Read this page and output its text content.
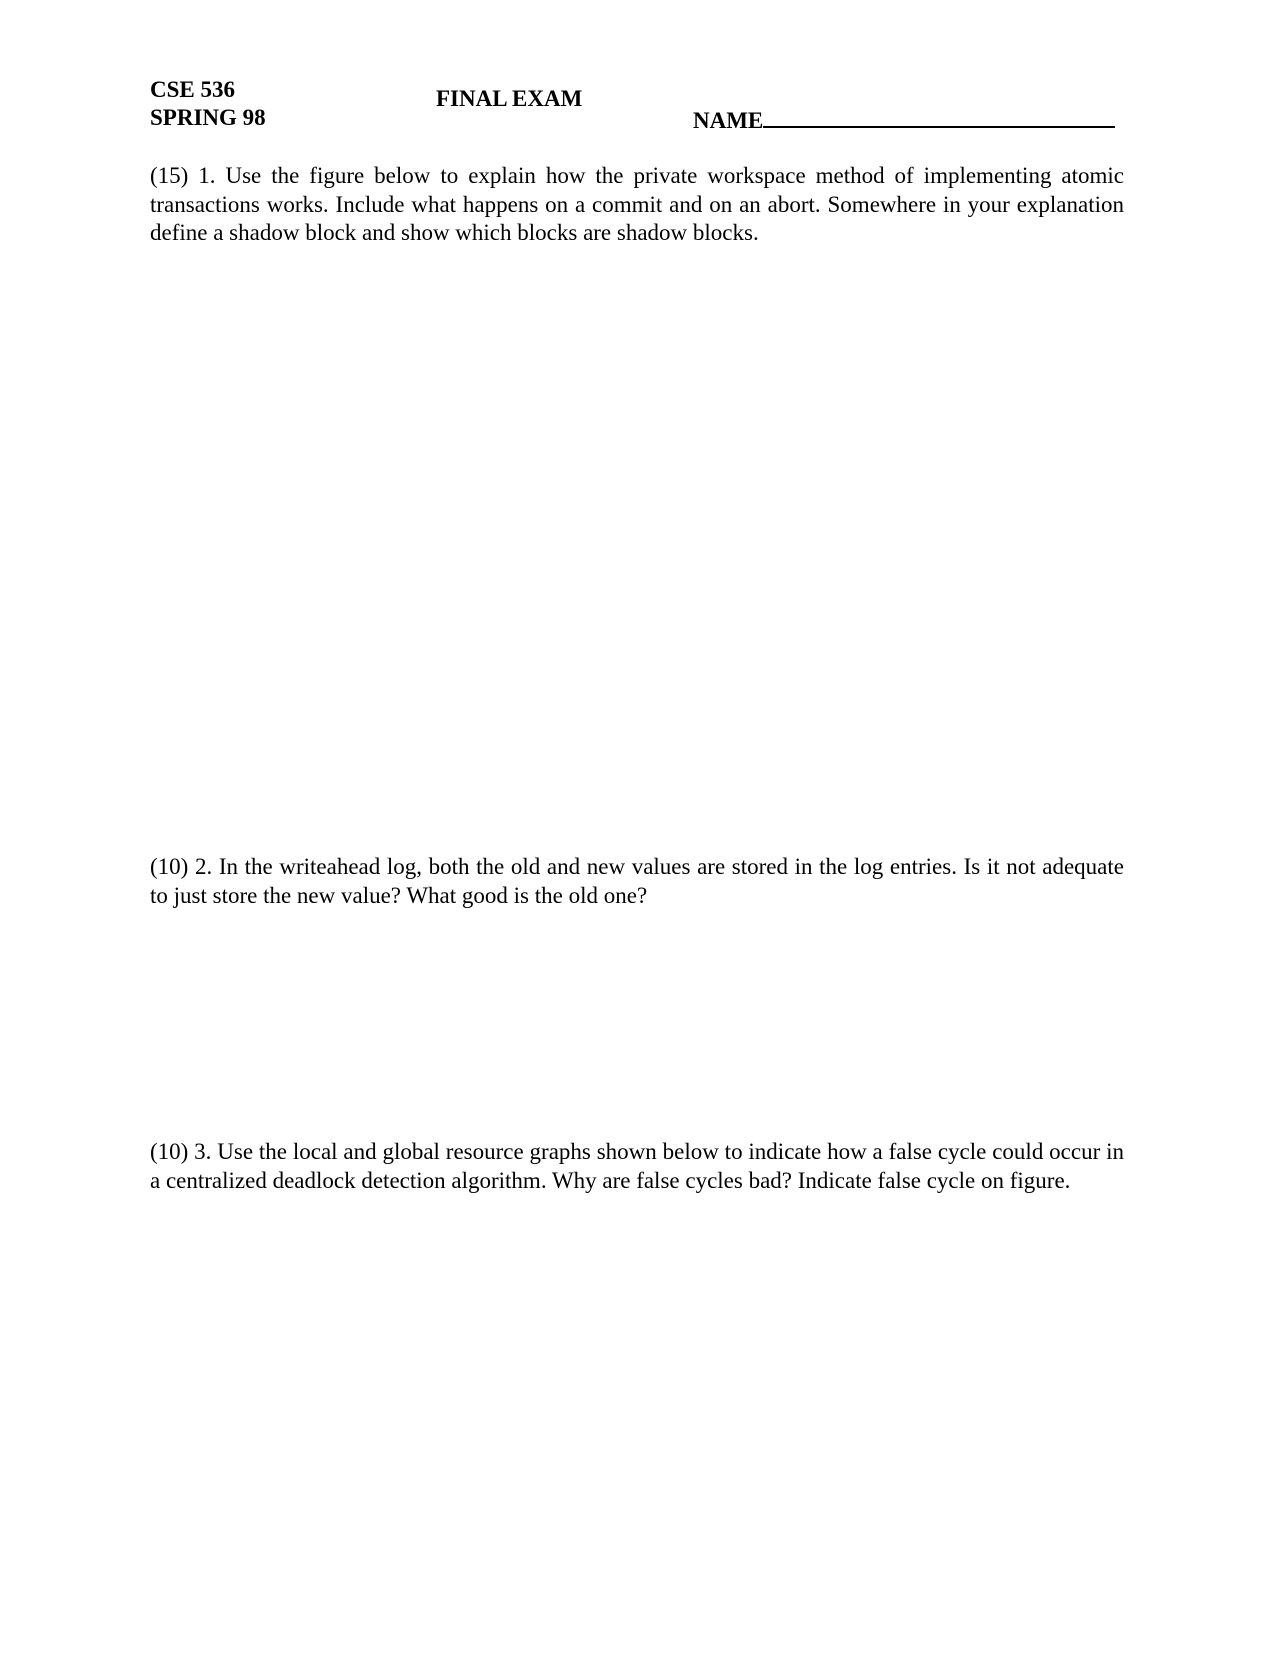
CSE 536
SPRING 98
FINAL EXAM
NAME

(15) 1. Use the figure below to explain how the private workspace method of implementing atomic transactions works. Include what happens on a commit and on an abort. Somewhere in your explanation define a shadow block and show which blocks are shadow blocks.

(10) 2. In the writeahead log, both the old and new values are stored in the log entries. Is it not adequate to just store the new value? What good is the old one?

(10) 3. Use the local and global resource graphs shown below to indicate how a false cycle could occur in a centralized deadlock detection algorithm. Why are false cycles bad? Indicate false cycle on figure.
